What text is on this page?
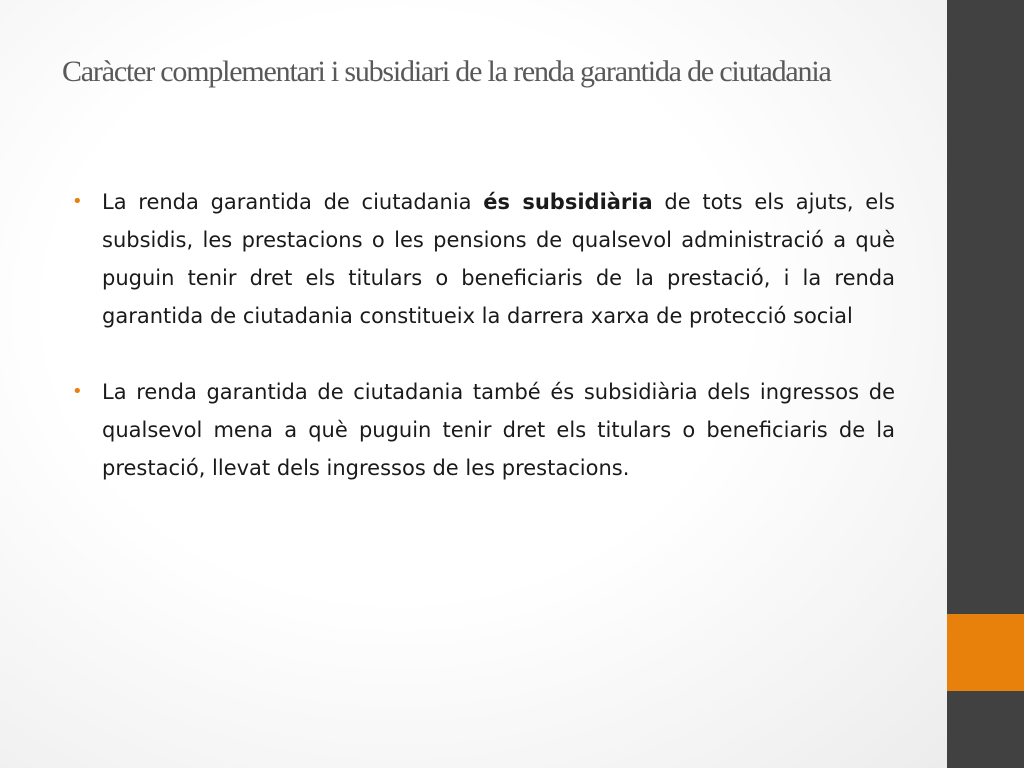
Caràcter complementari i subsidiari de la renda garantida de ciutadania
• La renda garantida de ciutadania és subsidiària de tots els ajuts, els subsidis, les prestacions o les pensions de qualsevol administració a què puguin tenir dret els titulars o beneficiaris de la prestació, i la renda garantida de ciutadania constitueix la darrera xarxa de protecció social
• La renda garantida de ciutadania també és subsidiària dels ingressos de qualsevol mena a què puguin tenir dret els titulars o beneficiaris de la prestació, llevat dels ingressos de les prestacions.
